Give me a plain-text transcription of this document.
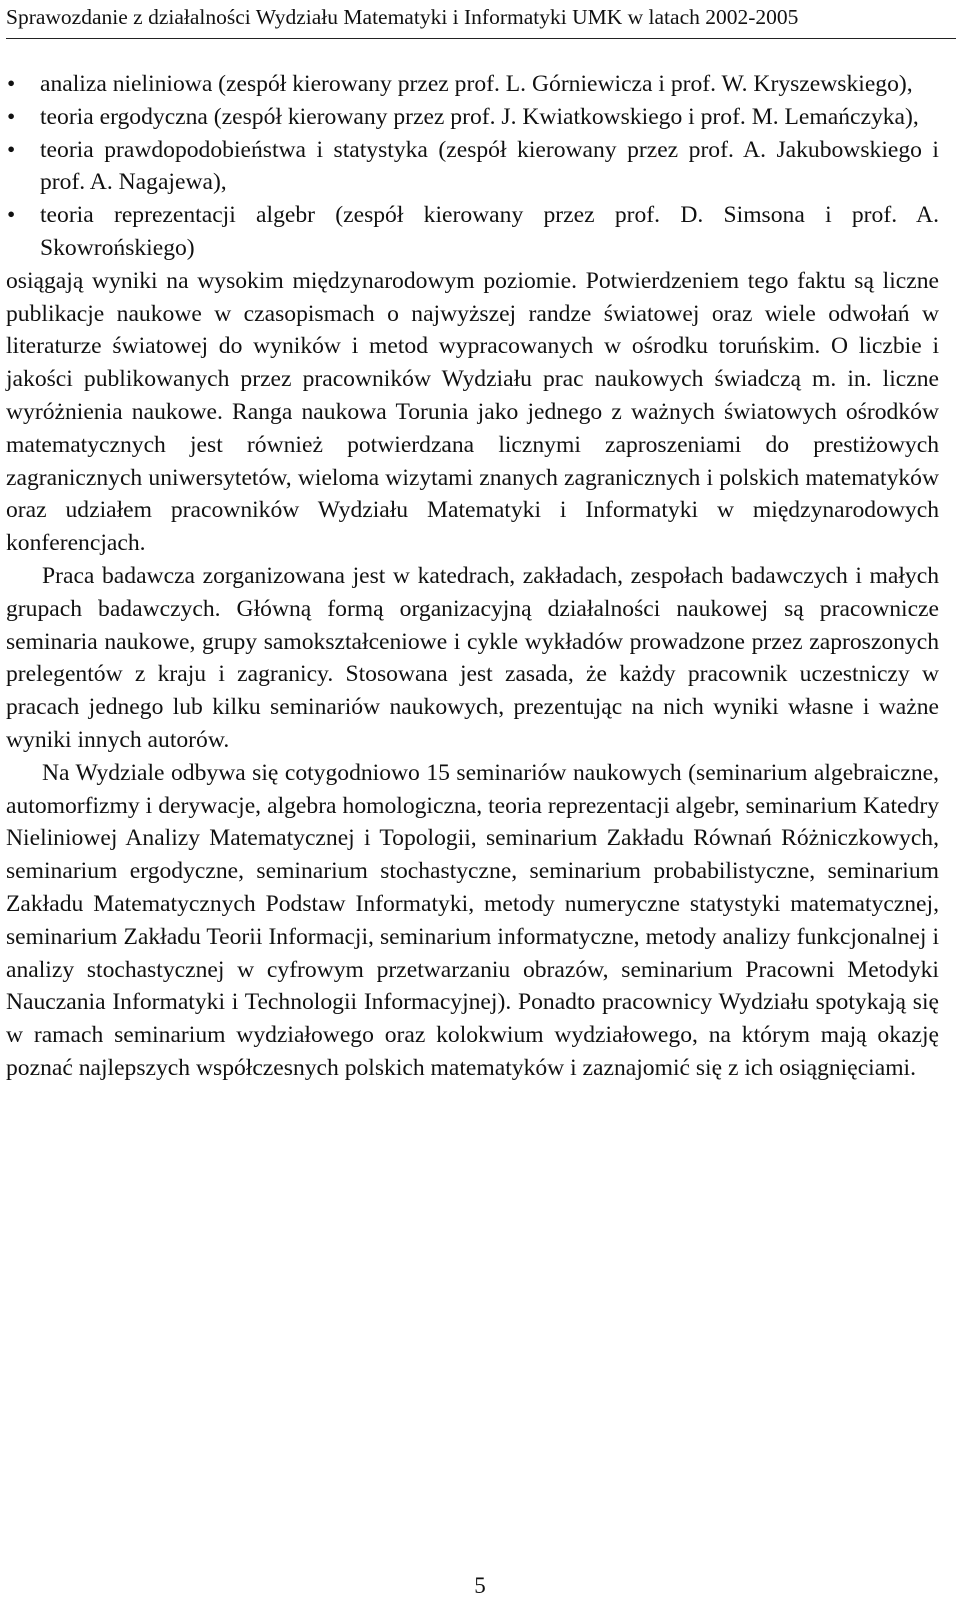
Sprawozdanie z działalności Wydziału Matematyki i Informatyki UMK w latach 2002-2005
• analiza nieliniowa (zespół kierowany przez prof. L. Górniewicza i prof. W. Kryszewskiego),
• teoria ergodyczna (zespół kierowany przez prof. J. Kwiatkowskiego i prof. M. Lemańczyka),
• teoria prawdopodobieństwa i statystyka (zespół kierowany przez prof. A. Jakubowskiego i prof. A. Nagajewa),
• teoria reprezentacji algebr (zespół kierowany przez prof. D. Simsona i prof. A. Skowrońskiego)

osiągają wyniki na wysokim międzynarodowym poziomie. Potwierdzeniem tego faktu są liczne publikacje naukowe w czasopismach o najwyższej randze światowej oraz wiele odwołań w literaturze światowej do wyników i metod wypracowanych w ośrodku toruńskim. O liczbie i jakości publikowanych przez pracowników Wydziału prac naukowych świadczą m. in. liczne wyróżnienia naukowe. Ranga naukowa Torunia jako jednego z ważnych światowych ośrodków matematycznych jest również potwierdzana licznymi zaproszeniami do prestiżowych zagranicznych uniwersytetów, wieloma wizytami znanych zagranicznych i polskich matematyków oraz udziałem pracowników Wydziału Matematyki i Informatyki w międzynarodowych konferencjach.

Praca badawcza zorganizowana jest w katedrach, zakładach, zespołach badawczych i małych grupach badawczych. Główną formą organizacyjną działalności naukowej są pracownicze seminaria naukowe, grupy samokształceniowe i cykle wykładów prowadzone przez zaproszonych prelegentów z kraju i zagranicy. Stosowana jest zasada, że każdy pracownik uczestniczy w pracach jednego lub kilku seminariów naukowych, prezentując na nich wyniki własne i ważne wyniki innych autorów.

Na Wydziale odbywa się cotygodniowo 15 seminariów naukowych (seminarium algebraiczne, automorfizmy i derywacje, algebra homologiczna, teoria reprezentacji algebr, seminarium Katedry Nieliniowej Analizy Matematycznej i Topologii, seminarium Zakładu Równań Różniczkowych, seminarium ergodyczne, seminarium stochastyczne, seminarium probabilistyczne, seminarium Zakładu Matematycznych Podstaw Informatyki, metody numeryczne statystyki matematycznej, seminarium Zakładu Teorii Informacji, seminarium informatyczne, metody analizy funkcjonalnej i analizy stochastycznej w cyfrowym przetwarzaniu obrazów, seminarium Pracowni Metodyki Nauczania Informatyki i Technologii Informacyjnej). Ponadto pracownicy Wydziału spotykają się w ramach seminarium wydziałowego oraz kolokwium wydziałowego, na którym mają okazję poznać najlepszych współczesnych polskich matematyków i zaznajomić się z ich osiągnięciami.

5
